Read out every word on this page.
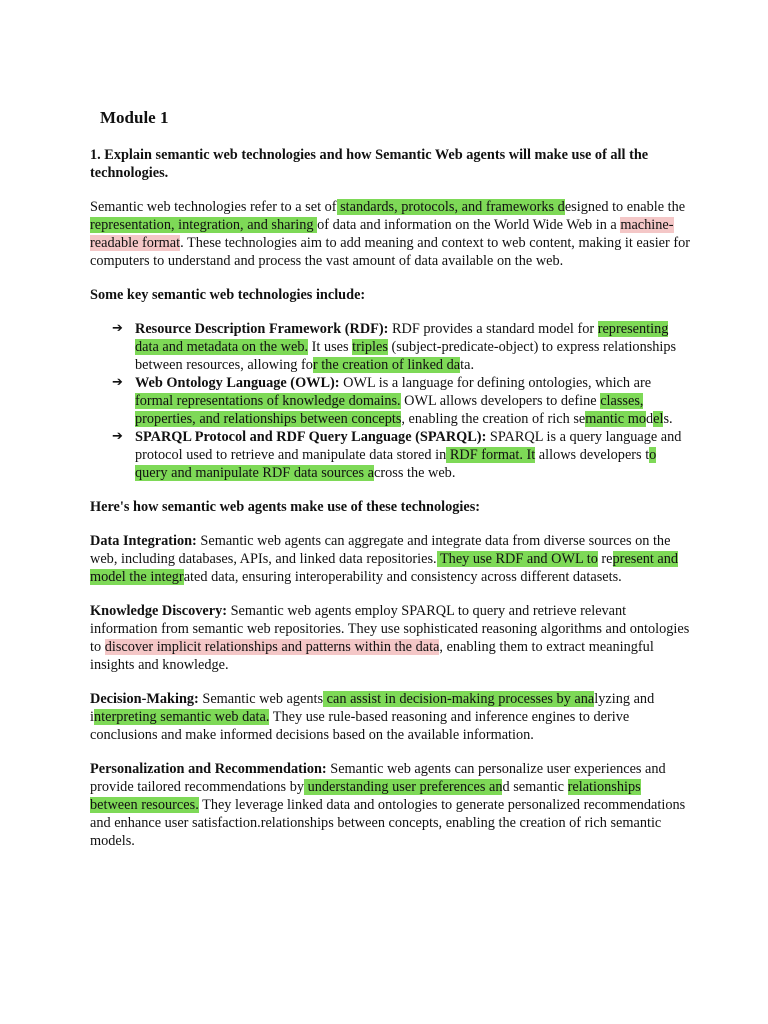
Module 1

1. Explain semantic web technologies and how Semantic Web agents will make use of all the technologies.

Semantic web technologies refer to a set of standards, protocols, and frameworks designed to enable the representation, integration, and sharing of data and information on the World Wide Web in a machine-readable format. These technologies aim to add meaning and context to web content, making it easier for computers to understand and process the vast amount of data available on the web.

Some key semantic web technologies include:

➔ Resource Description Framework (RDF): RDF provides a standard model for representing data and metadata on the web. It uses triples (subject-predicate-object) to express relationships between resources, allowing for the creation of linked data.
➔ Web Ontology Language (OWL): OWL is a language for defining ontologies, which are formal representations of knowledge domains. OWL allows developers to define classes, properties, and relationships between concepts, enabling the creation of rich semantic models.
➔ SPARQL Protocol and RDF Query Language (SPARQL): SPARQL is a query language and protocol used to retrieve and manipulate data stored in RDF format. It allows developers to query and manipulate RDF data sources across the web.

Here's how semantic web agents make use of these technologies:

Data Integration: Semantic web agents can aggregate and integrate data from diverse sources on the web, including databases, APIs, and linked data repositories. They use RDF and OWL to represent and model the integrated data, ensuring interoperability and consistency across different datasets.

Knowledge Discovery: Semantic web agents employ SPARQL to query and retrieve relevant information from semantic web repositories. They use sophisticated reasoning algorithms and ontologies to discover implicit relationships and patterns within the data, enabling them to extract meaningful insights and knowledge.

Decision-Making: Semantic web agents can assist in decision-making processes by analyzing and interpreting semantic web data. They use rule-based reasoning and inference engines to derive conclusions and make informed decisions based on the available information.

Personalization and Recommendation: Semantic web agents can personalize user experiences and provide tailored recommendations by understanding user preferences and semantic relationships between resources. They leverage linked data and ontologies to generate personalized recommendations and enhance user satisfaction.relationships between concepts, enabling the creation of rich semantic models.
